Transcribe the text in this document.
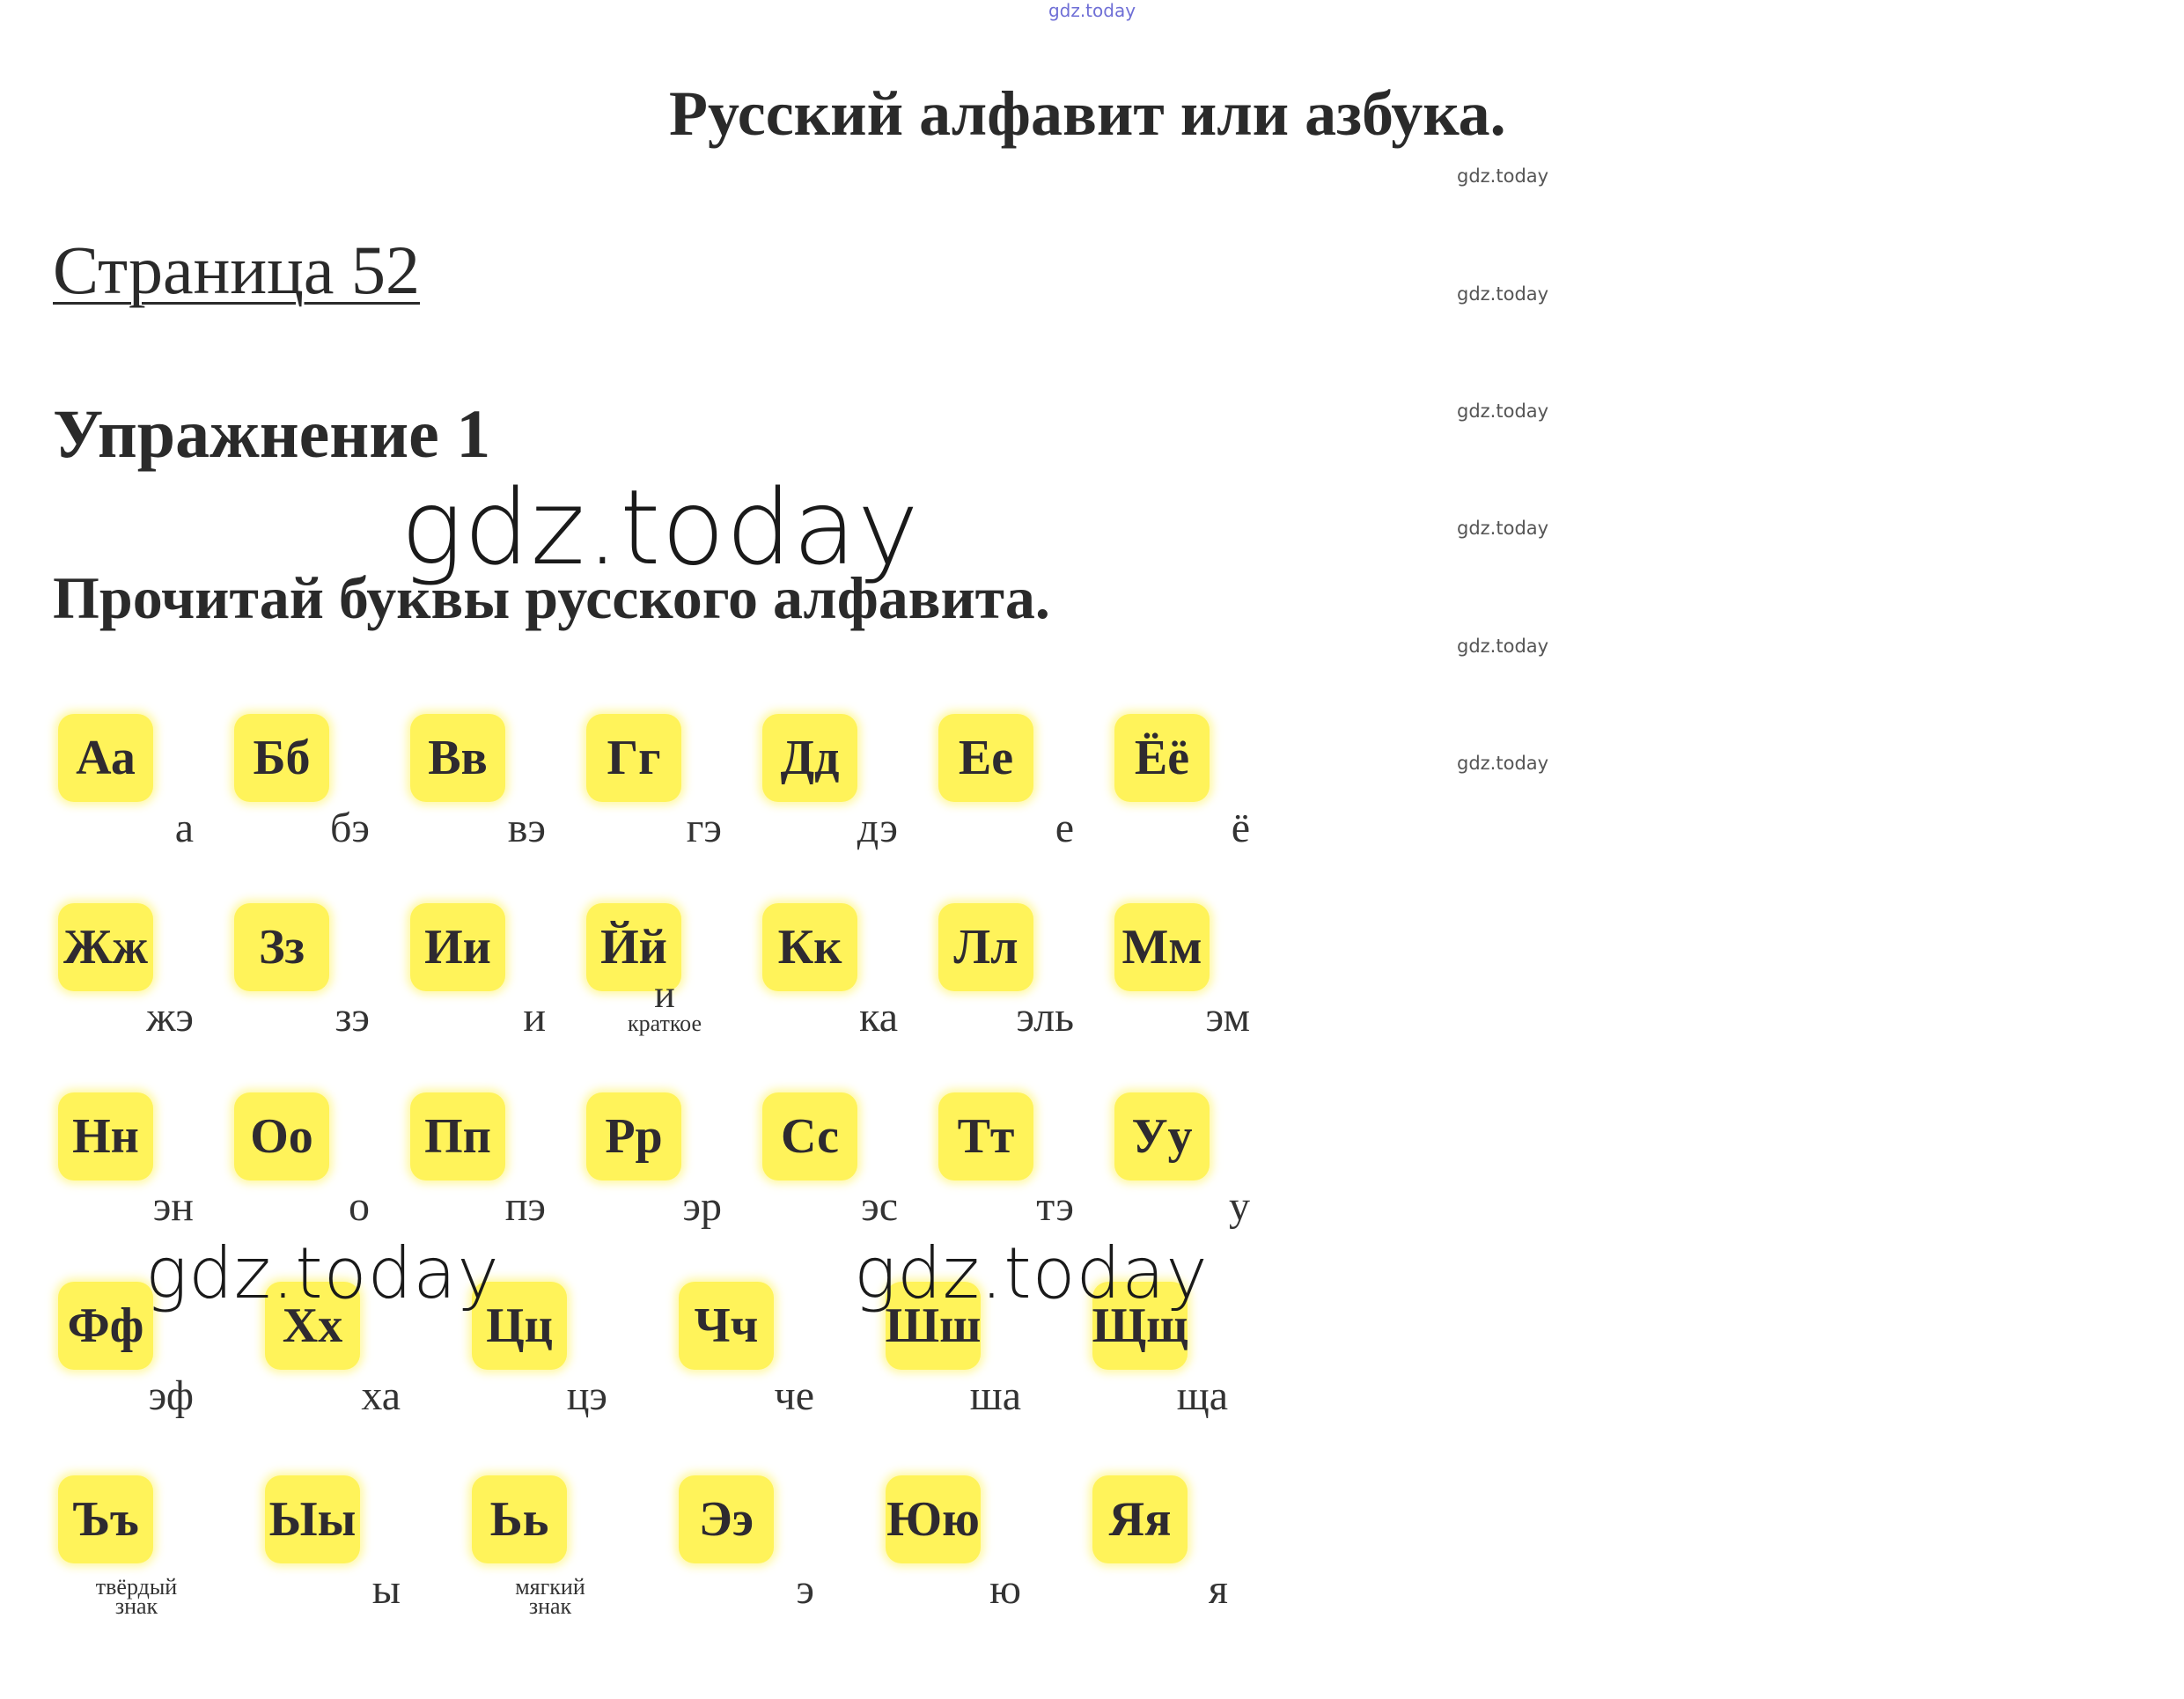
gdz.today
Русский алфавит или азбука.
Страница 52
Упражнение 1
Прочитай буквы русского алфавита.
gdz.today
gdz.today
gdz.today
gdz.today
gdz.today
gdz.today
gdz.today
gdz.today	gdz.today
Аа
а
Бб
бэ
Вв
вэ
Гг
гэ
Дд
дэ
Ее
е
Ёё
ё
Жж
жэ
Зз
зэ
Ии
и
Йй
и
краткое
Кк
ка
Лл
эль
Мм
эм
Нн
эн
Оо
о
Пп
пэ
Рр
эр
Сс
эс
Тт
тэ
Уу
у
Фф
эф
Хх
ха
Цц
цэ
Чч
че
Шш
ша
Щщ
ща
Ъъ
твёрдый
знак
Ыы
ы
Ьь
мягкий
знак
Ээ
э
Юю
ю
Яя
я
